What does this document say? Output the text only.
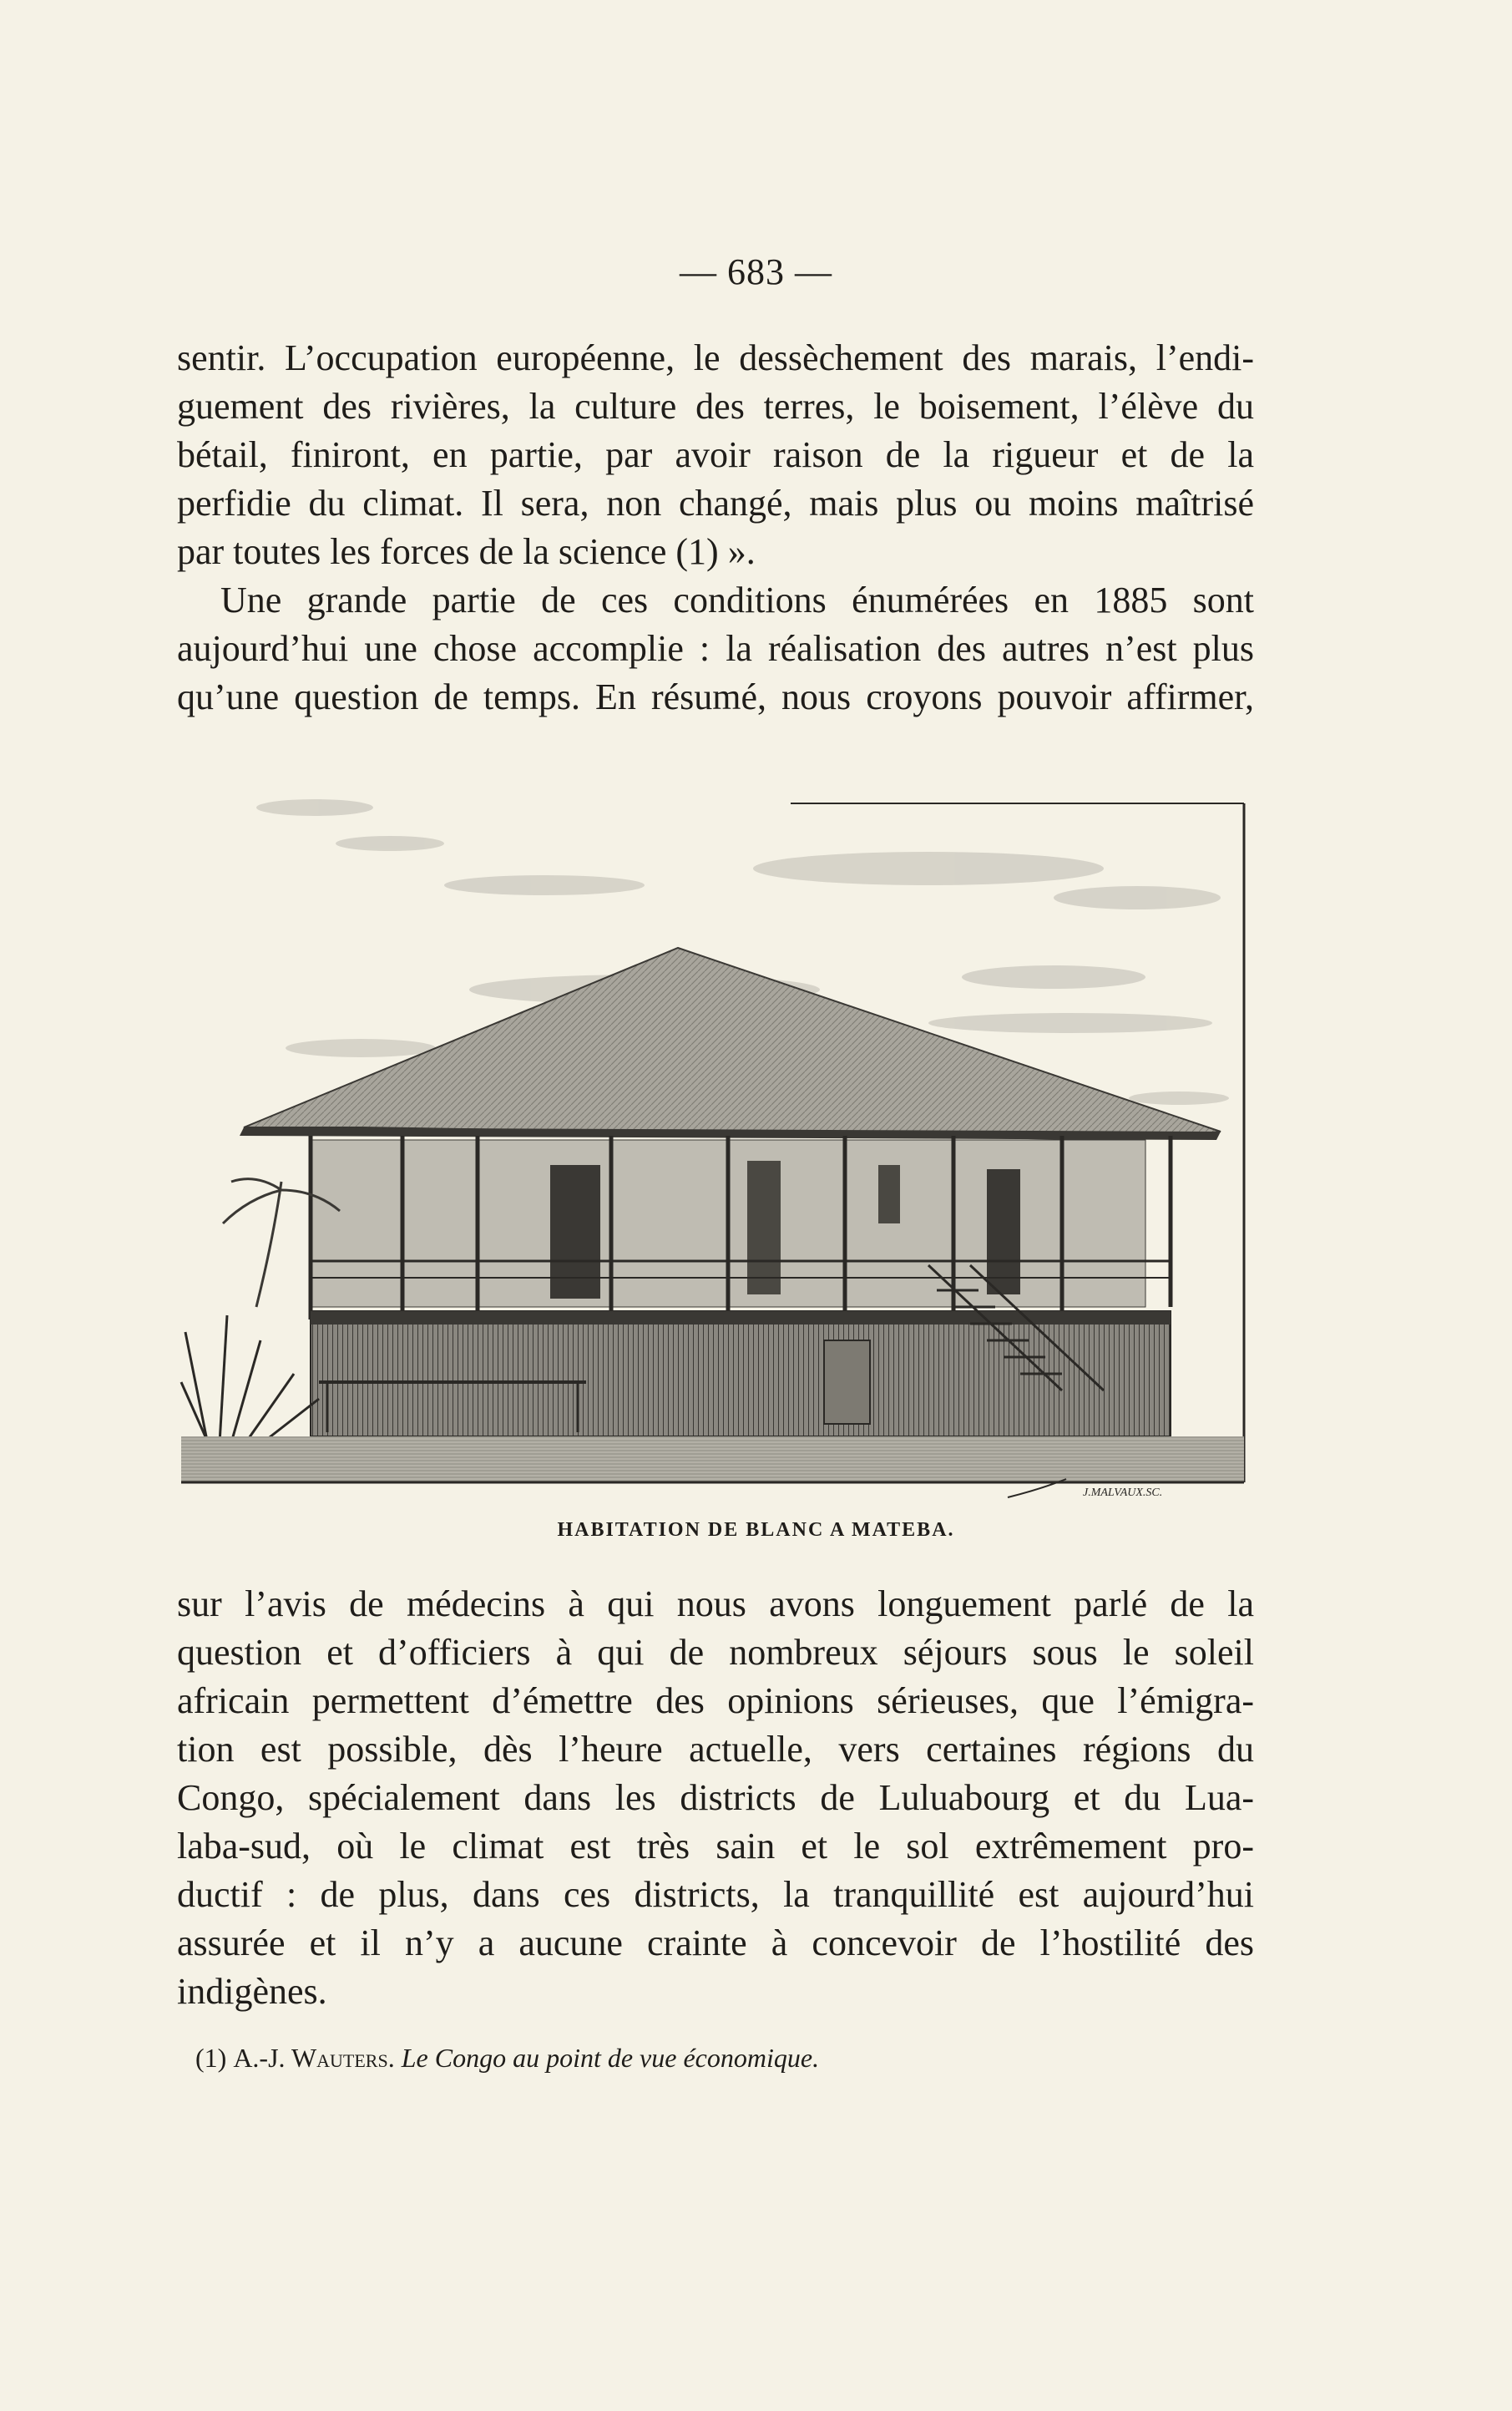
— 683 —
sentir. L’occupation européenne, le dessèchement des marais, l’endi-
guement des rivières, la culture des terres, le boisement, l’élève du
bétail, finiront, en partie, par avoir raison de la rigueur et de la
perfidie du climat. Il sera, non changé, mais plus ou moins maîtrisé
par toutes les forces de la science (1) ».
Une grande partie de ces conditions énumérées en 1885 sont
aujourd’hui une chose accomplie : la réalisation des autres n’est plus
qu’une question de temps. En résumé, nous croyons pouvoir affirmer,
J.MALVAUX.SC.
HABITATION DE BLANC A MATEBA.
sur l’avis de médecins à qui nous avons longuement parlé de la
question et d’officiers à qui de nombreux séjours sous le soleil
africain permettent d’émettre des opinions sérieuses, que l’émigra-
tion est possible, dès l’heure actuelle, vers certaines régions du
Congo, spécialement dans les districts de Luluabourg et du Lua-
laba-sud, où le climat est très sain et le sol extrêmement pro-
ductif : de plus, dans ces districts, la tranquillité est aujourd’hui
assurée et il n’y a aucune crainte à concevoir de l’hostilité des
indigènes.
(1) A.-J. Wauters. Le Congo au point de vue économique.
